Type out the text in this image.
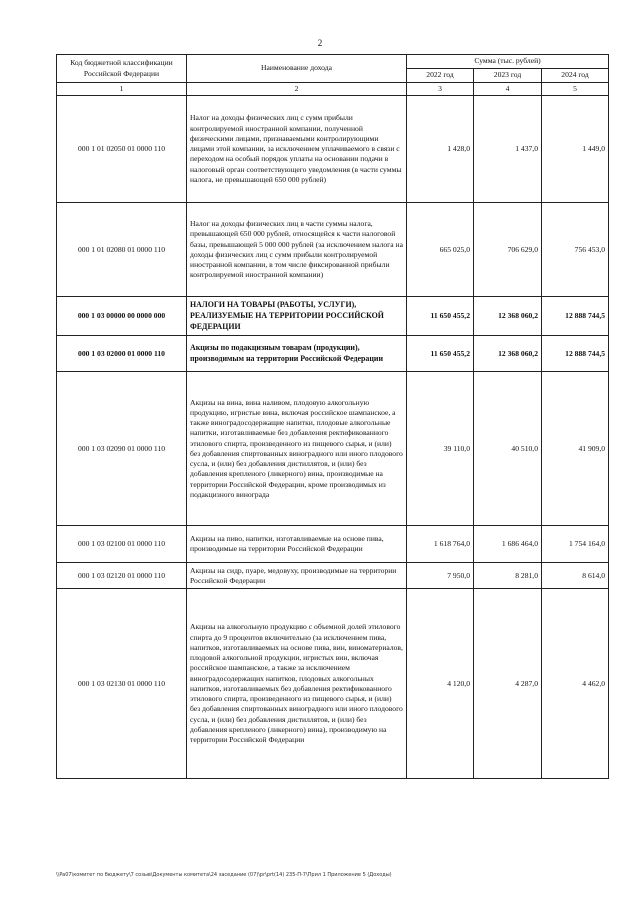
2
Код бюджетной классификации Российской Федерации	Наименование дохода	Сумма (тыс. рублей)		
		2022 год	2023 год	2024 год
1	2	3	4	5
000 1 01 02050 01 0000 110	Налог на доходы физических лиц с сумм прибыли контролируемой иностранной компании, полученной физическими лицами, признаваемыми контролирующими лицами этой компании, за исключением уплачиваемого в связи с переходом на особый порядок уплаты на основании подачи в налоговый орган соответствующего уведомления (в части суммы налога, не превышающей 650 000 рублей)	1 428,0	1 437,0	1 449,0
000 1 01 02080 01 0000 110	Налог на доходы физических лиц в части суммы налога, превышающей 650 000 рублей, относящейся к части налоговой базы, превышающей 5 000 000 рублей (за исключением налога на доходы физических лиц с сумм прибыли контролируемой иностранной компании, в том числе фиксированной прибыли контролируемой иностранной компании)	665 025,0	706 629,0	756 453,0
000 1 03 00000 00 0000 000	НАЛОГИ НА ТОВАРЫ (РАБОТЫ, УСЛУГИ), РЕАЛИЗУЕМЫЕ НА ТЕРРИТОРИИ РОССИЙСКОЙ ФЕДЕРАЦИИ	11 650 455,2	12 368 060,2	12 888 744,5
000 1 03 02000 01 0000 110	Акцизы по подакцизным товарам (продукции), производимым на территории Российской Федерации	11 650 455,2	12 368 060,2	12 888 744,5
000 1 03 02090 01 0000 110	Акцизы на вина, вина наливом, плодовую алкогольную продукцию, игристые вина, включая российское шампанское, а также виноградосодержащие напитки, плодовые алкогольные напитки, изготавливаемые без добавления ректификованного этилового спирта, произведенного из пищевого сырья, и (или) без добавления спиртованных виноградного или иного плодового сусла, и (или) без добавления дистиллятов, и (или) без добавления крепленого (ликерного) вина, производимые на территории Российской Федерации, кроме производимых из подакцизного винограда	39 110,0	40 510,0	41 909,0
000 1 03 02100 01 0000 110	Акцизы на пиво, напитки, изготавливаемые на основе пива, производимые на территории Российской Федерации	1 618 764,0	1 686 464,0	1 754 164,0
000 1 03 02120 01 0000 110	Акцизы на сидр, пуаре, медовуху, производимые на территории Российской Федерации	7 950,0	8 281,0	8 614,0
000 1 03 02130 01 0000 110	Акцизы на алкогольную продукцию с объемной долей этилового спирта до 9 процентов включительно (за исключением пива, напитков, изготавливаемых на основе пива, вин, виноматериалов, плодовой алкогольной продукции, игристых вин, включая российское шампанское, а также за исключением виноградосодержащих напитков, плодовых алкогольных напитков, изготавливаемых без добавления ректификованного этилового спирта, произведенного из пищевого сырья, и (или) без добавления спиртованных виноградного или иного плодового сусла, и (или) без добавления дистиллятов, и (или) без добавления крепленого (ликерного) вина), производимую на территории Российской Федерации	4 120,0	4 287,0	4 462,0
\\Pa07\комитет по бюджету\7 созыв\Документы комитета\24 заседание (07)\pr\prt(14) 235-П-7\Прил 1 Приложение 5 (Доходы)
